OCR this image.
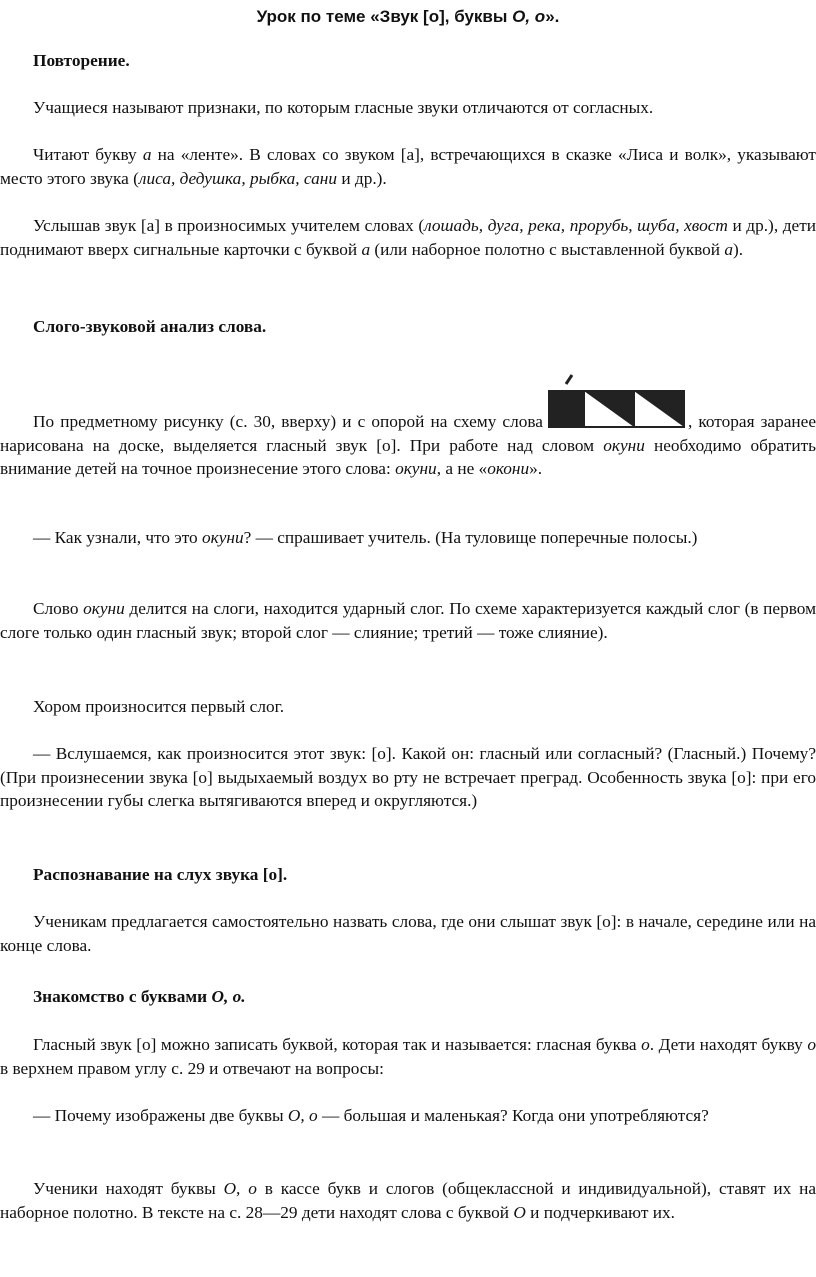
Урок по теме «Звук [о], буквы О, о».

Повторение.

Учащиеся называют признаки, по которым гласные звуки отличаются от согласных.

Читают букву а на «ленте». В словах со звуком [а], встречающихся в сказке «Лиса и волк», указывают место этого звука (лиса, дедушка, рыбка, сани и др.).

Услышав звук [а] в произносимых учителем словах (лошадь, дуга, река, прорубь, шуба, хвост и др.), дети поднимают вверх сигнальные карточки с буквой а (или наборное полотно с выставленной буквой а).

Слого-звуковой анализ слова.

По предметному рисунку (с. 30, вверху) и с опорой на схему слова	, которая заранее нарисована на доске, выделяется гласный звук [о]. При работе над словом окуни необходимо обратить внимание детей на точное произнесение этого слова: окуни, а не «окони».

— Как узнали, что это окуни? — спрашивает учитель. (На туловище поперечные полосы.)

Слово окуни делится на слоги, находится ударный слог. По схеме характеризуется каждый слог (в первом слоге только один гласный звук; второй слог — слияние; третий — тоже слияние).

Хором произносится первый слог.

— Вслушаемся, как произносится этот звук: [о]. Какой он: гласный или согласный? (Гласный.) Почему? (При произнесении звука [о] выдыхаемый воздух во рту не встречает преград. Особенность звука [о]: при его произнесении губы слегка вытягиваются вперед и округляются.)

Распознавание на слух звука [о].

Ученикам предлагается самостоятельно назвать слова, где они слышат звук [о]: в начале, середине или на конце слова.

Знакомство с буквами О, о.

Гласный звук [о] можно записать буквой, которая так и называется: гласная буква о. Дети находят букву о в верхнем правом углу с. 29 и отвечают на вопросы:

— Почему изображены две буквы О, о — большая и маленькая? Когда они употребляются?

Ученики находят буквы О, о в кассе букв и слогов (общеклассной и индивидуальной), ставят их на наборное полотно. В тексте на с. 28—29 дети находят слова с буквой О и подчеркивают их.
